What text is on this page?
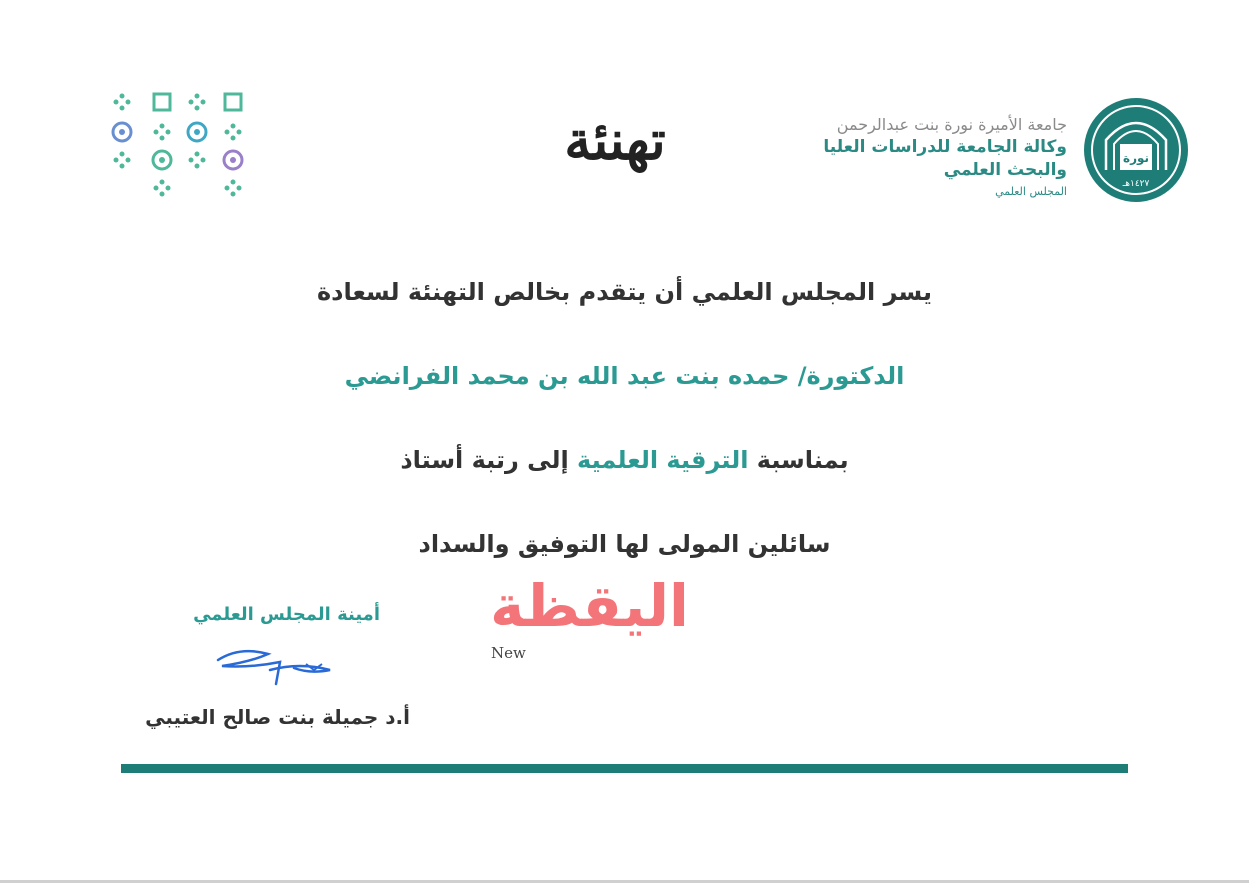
تهنئة	جامعة الأميرة نورة بنت عبدالرحمن
وكالة الجامعة للدراسات العليا
والبحث العلمي
المجلس العلمي
نورة
١٤٢٧هـ
يسر المجلس العلمي أن يتقدم بخالص التهنئة لسعادة
الدكتورة/ حمده بنت عبد الله بن محمد الفرانضي
بمناسبة الترقية العلمية إلى رتبة أستاذ
سائلين المولى لها التوفيق والسداد
اليقظة
New
أمينة المجلس العلمي
أ.د جميلة بنت صالح العتيبي
